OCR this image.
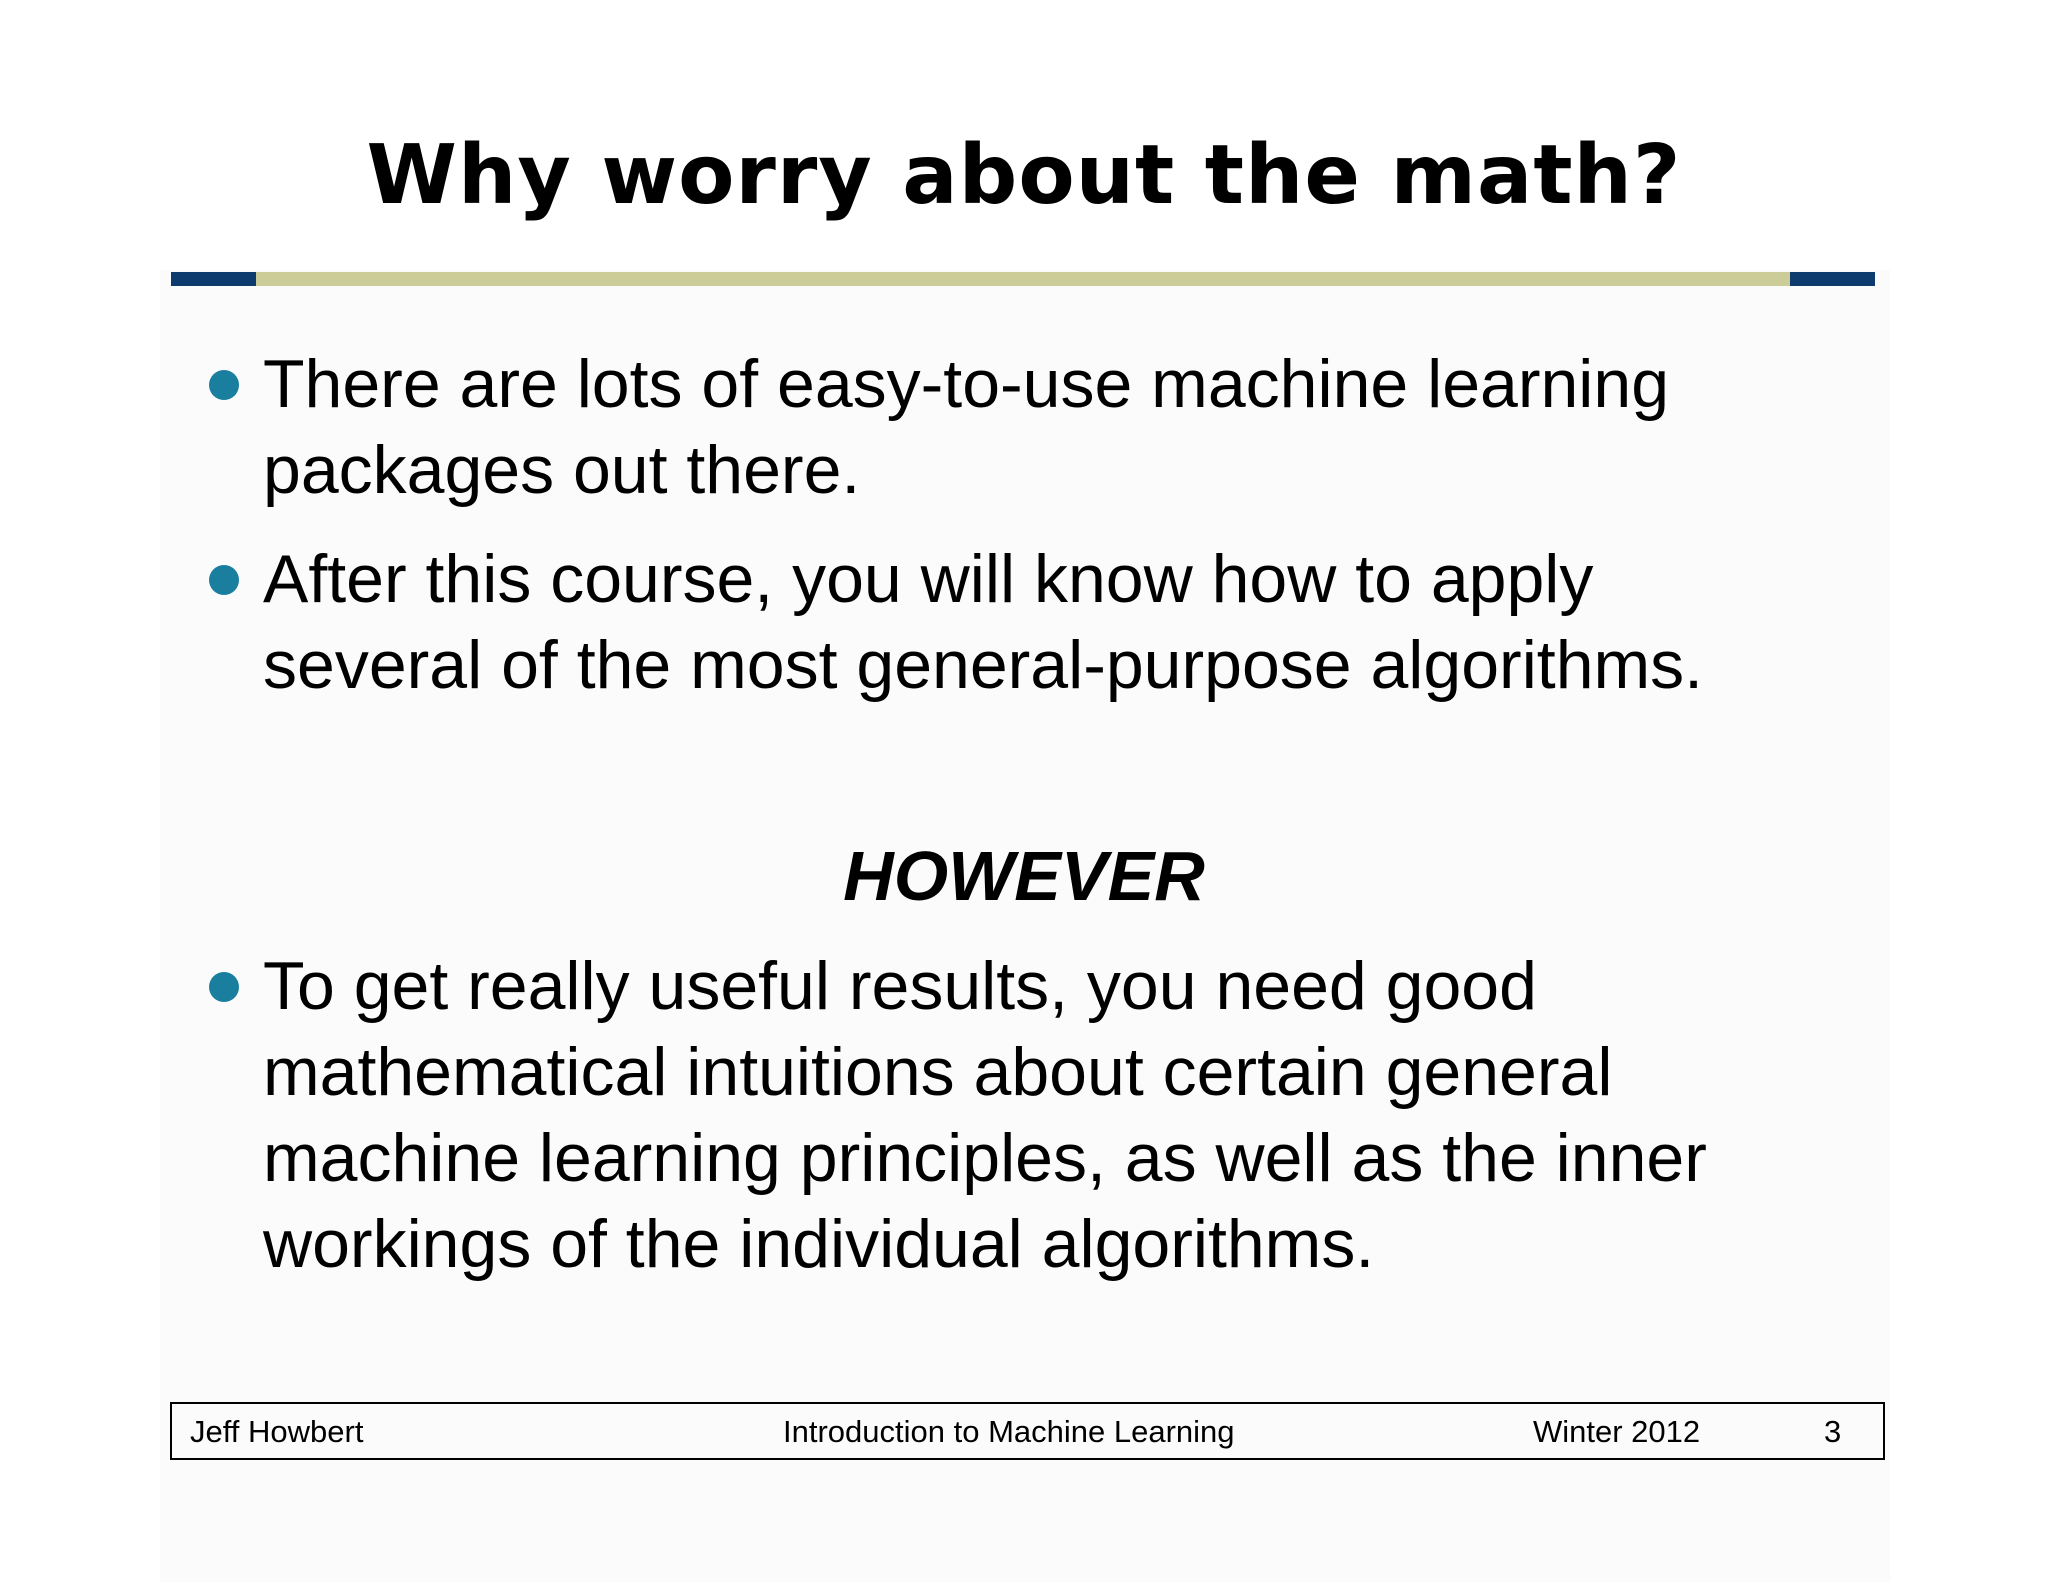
Why worry about the math?
There are lots of easy-to-use machine learning
packages out there.
After this course, you will know how to apply
several of the most general-purpose algorithms.
HOWEVER
To get really useful results, you need good
mathematical intuitions about certain general
machine learning principles, as well as the inner
workings of the individual algorithms.
Jeff Howbert	Introduction to Machine Learning	Winter 2012	3
